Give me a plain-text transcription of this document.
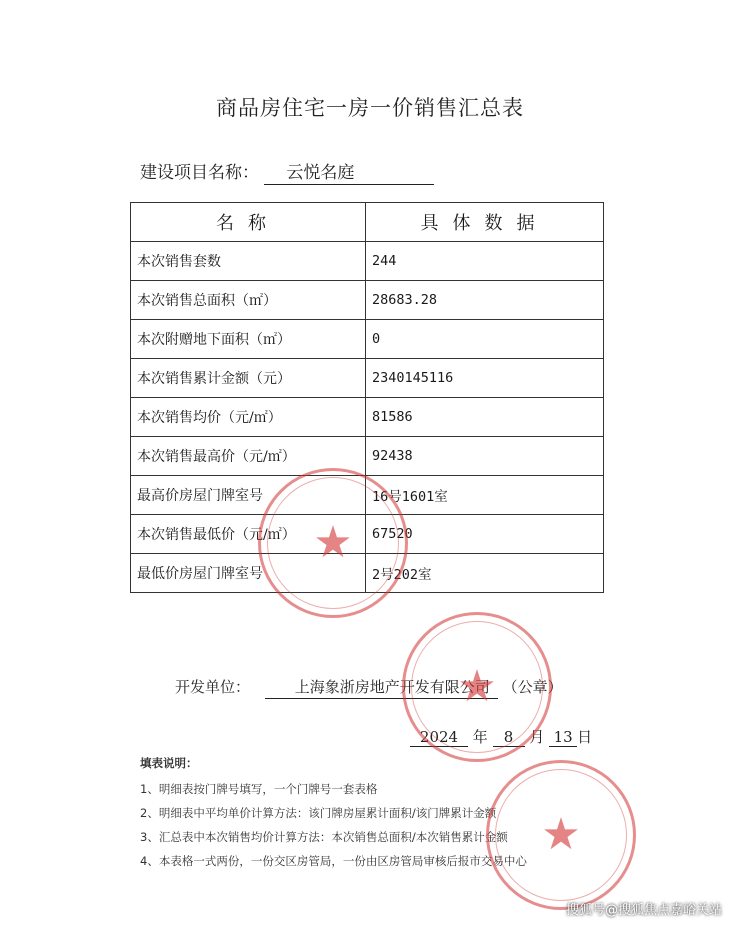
商品房住宅一房一价销售汇总表
建设项目名称： 云悦名庭
名称	具体数据
本次销售套数	244
本次销售总面积（㎡）	28683.28
本次附赠地下面积（㎡）	0
本次销售累计金额（元）	2340145116
本次销售均价（元/㎡）	81586
本次销售最高价（元/㎡）	92438
最高价房屋门牌室号	16号1601室
本次销售最低价（元/㎡）	67520
最低价房屋门牌室号	2号202室
★
开发单位：	上海象浙房地产开发有限公司 （公章）
2024 年 8 月 13 日
★
填表说明：
1、明细表按门牌号填写，一个门牌号一套表格
2、明细表中平均单价计算方法：该门牌房屋累计面积/该门牌累计金额
3、汇总表中本次销售均价计算方法：本次销售总面积/本次销售累计金额
4、本表格一式两份，一份交区房管局，一份由区房管局审核后报市交易中心
★
搜狐号@搜狐焦点嘉峪关站
